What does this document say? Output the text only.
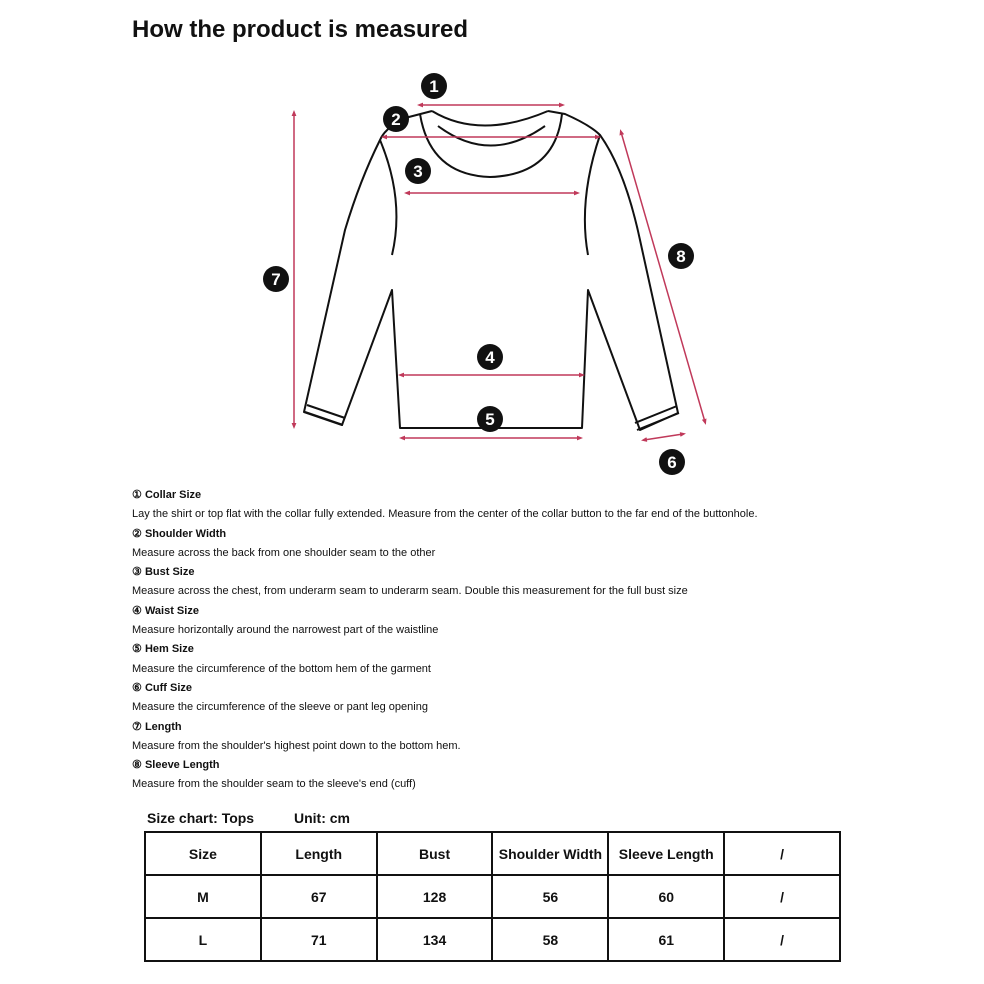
How the product is measured
1
2
3
4
5
6
7
8
① Collar Size
Lay the shirt or top flat with the collar fully extended. Measure from the center of the collar button to the far end of the buttonhole.
② Shoulder Width
Measure across the back from one shoulder seam to the other
③ Bust Size
Measure across the chest, from underarm seam to underarm seam. Double this measurement for the full bust size
④ Waist Size
Measure horizontally around the narrowest part of the waistline
⑤ Hem Size
Measure the circumference of the bottom hem of the garment
⑥ Cuff Size
Measure the circumference of the sleeve or pant leg opening
⑦ Length
Measure from the shoulder's highest point down to the bottom hem.
⑧ Sleeve Length
Measure from the shoulder seam to the sleeve's end (cuff)
Size chart: Tops	Unit: cm
Size	Length	Bust	Shoulder Width	Sleeve Length	/
M	67	128	56	60	/
L	71	134	58	61	/
